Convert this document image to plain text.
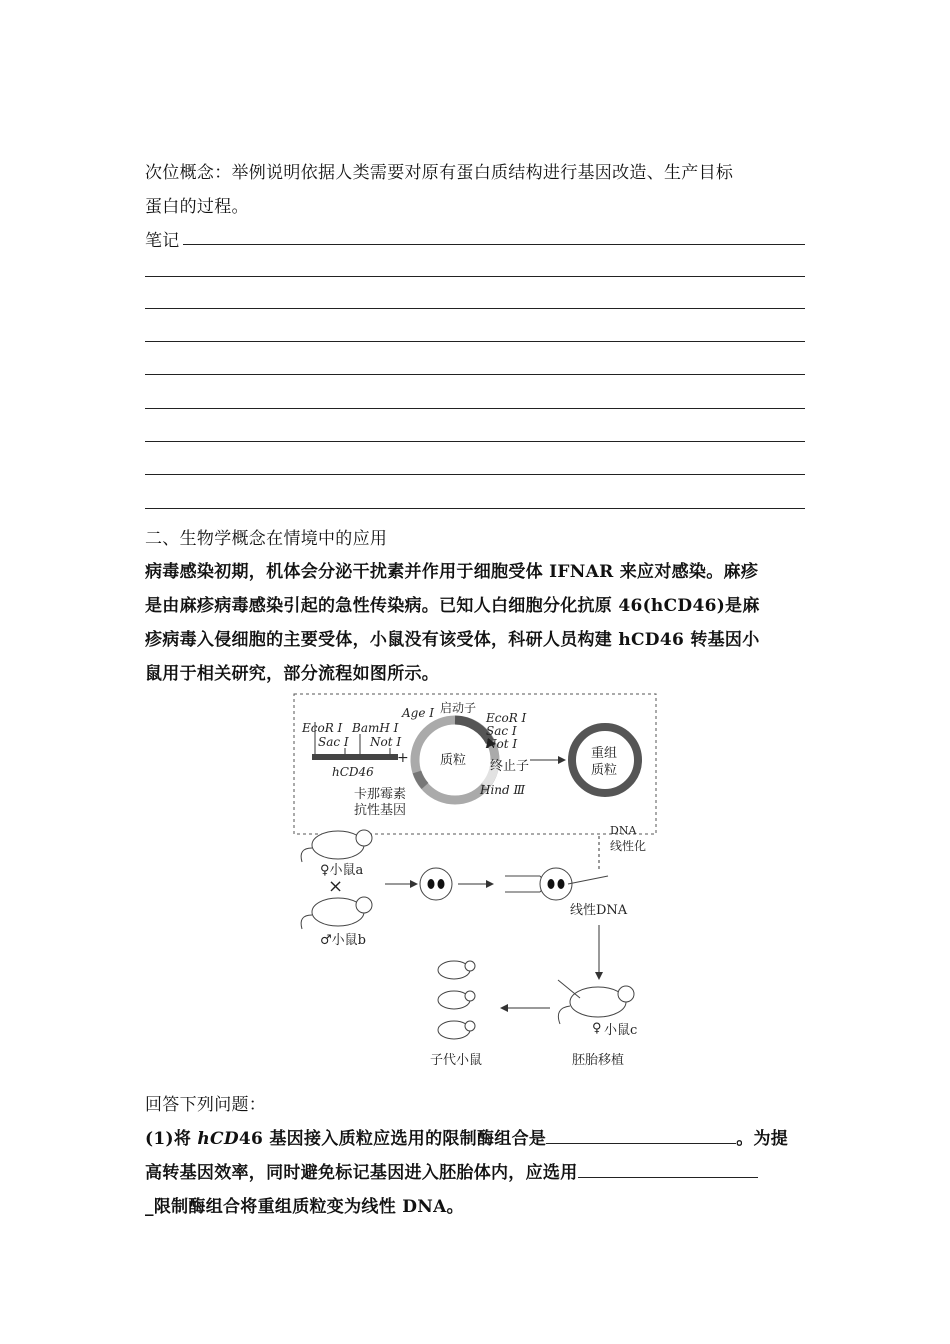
次位概念：举例说明依据人类需要对原有蛋白质结构进行基因改造、生产目标
蛋白的过程。
笔记
二、生物学概念在情境中的应用
病毒感染初期，机体会分泌干扰素并作用于细胞受体 IFNAR 来应对感染。麻疹
是由麻疹病毒感染引起的急性传染病。已知人白细胞分化抗原 46(hCD46)是麻
疹病毒入侵细胞的主要受体，小鼠没有该受体，科研人员构建 hCD46 转基因小
鼠用于相关研究，部分流程如图所示。
EcoR Ⅰ
Sac Ⅰ
BamH Ⅰ
Not Ⅰ
hCD46
+ 质粒
Age Ⅰ 启动子
EcoR Ⅰ
Sac Ⅰ
Not Ⅰ
终止子
Hind Ⅲ
卡那霉素
抗性基因
重组
质粒
DNA
线性化
♀小鼠a
×
♂小鼠b
线性DNA
♀ 小鼠c
胚胎移植
子代小鼠
回答下列问题：
(1)将 hCD46 基因接入质粒应选用的限制酶组合是	。为提
高转基因效率，同时避免标记基因进入胚胎体内，应选用
_限制酶组合将重组质粒变为线性 DNA。
